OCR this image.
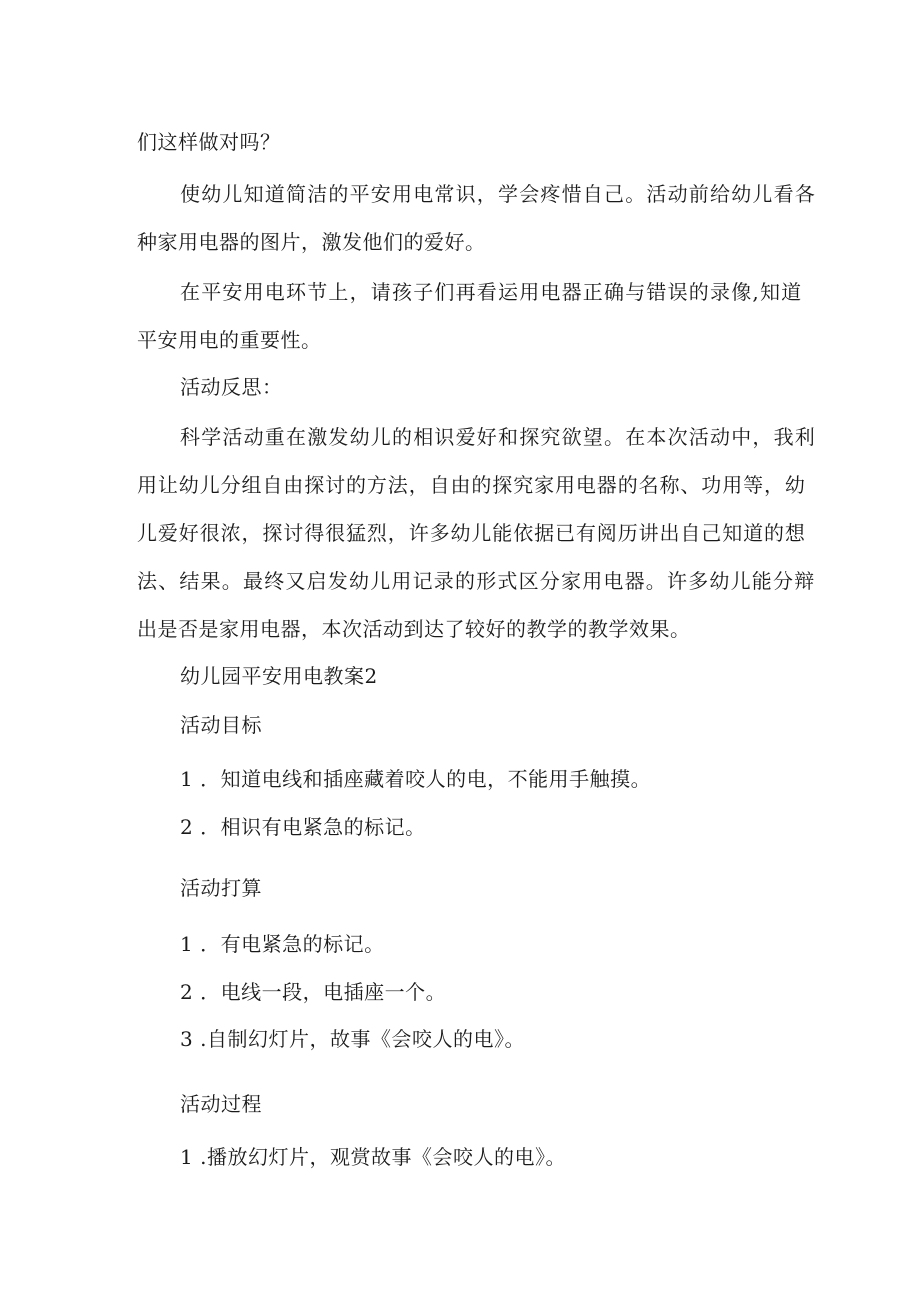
们这样做对吗？
使幼儿知道简洁的平安用电常识，学会疼惜自己。活动前给幼儿看各
种家用电器的图片，激发他们的爱好。
在平安用电环节上，请孩子们再看运用电器正确与错误的录像,知道
平安用电的重要性。
活动反思：
科学活动重在激发幼儿的相识爱好和探究欲望。在本次活动中，我利
用让幼儿分组自由探讨的方法，自由的探究家用电器的名称、功用等，幼
儿爱好很浓，探讨得很猛烈，许多幼儿能依据已有阅历讲出自己知道的想
法、结果。最终又启发幼儿用记录的形式区分家用电器。许多幼儿能分辩
出是否是家用电器，本次活动到达了较好的教学的教学效果。
幼儿园平安用电教案2
活动目标
1 ．知道电线和插座藏着咬人的电，不能用手触摸。
2 ．相识有电紧急的标记。
活动打算
1 ．有电紧急的标记。
2 ．电线一段，电插座一个。
3 .自制幻灯片，故事《会咬人的电》。
活动过程
1 .播放幻灯片，观赏故事《会咬人的电》。
